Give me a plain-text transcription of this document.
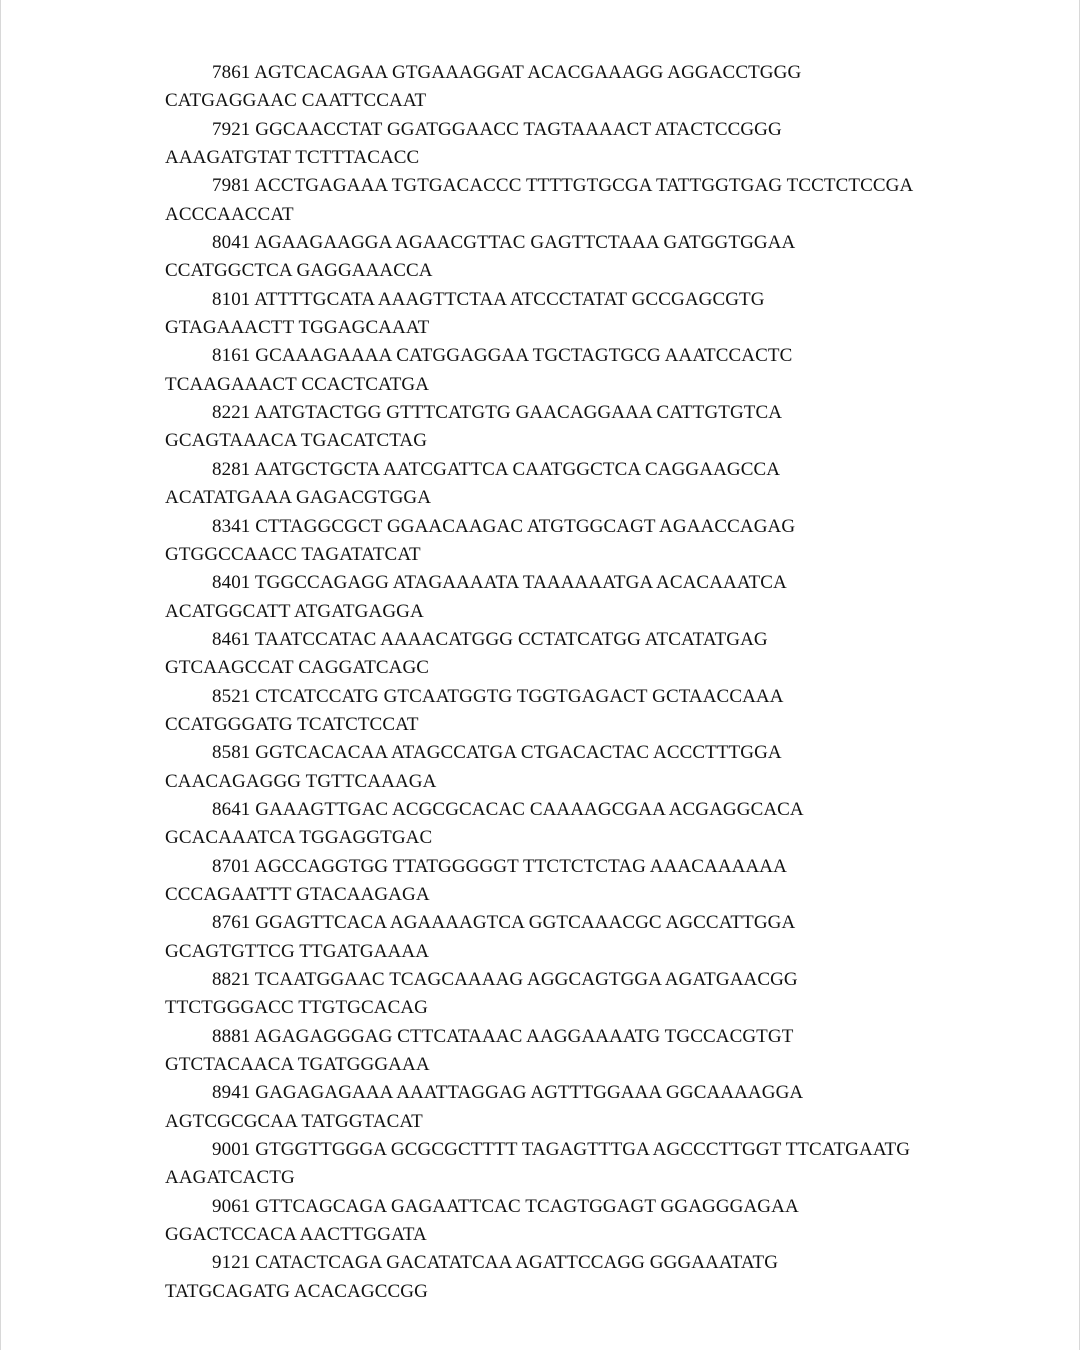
7861 AGTCACAGAA GTGAAAGGAT ACACGAAAGG AGGACCTGGG
CATGAGGAAC CAATTCCAAT
7921 GGCAACCTAT GGATGGAACC TAGTAAAACT ATACTCCGGG
AAAGATGTAT TCTTTACACC
7981 ACCTGAGAAA TGTGACACCC TTTTGTGCGA TATTGGTGAG TCCTCTCCGA
ACCCAACCAT
8041 AGAAGAAGGA AGAACGTTAC GAGTTCTAAA GATGGTGGAA
CCATGGCTCA GAGGAAACCA
8101 ATTTTGCATA AAAGTTCTAA ATCCCTATAT GCCGAGCGTG
GTAGAAACTT TGGAGCAAAT
8161 GCAAAGAAAA CATGGAGGAA TGCTAGTGCG AAATCCACTC
TCAAGAAACT CCACTCATGA
8221 AATGTACTGG GTTTCATGTG GAACAGGAAA CATTGTGTCA
GCAGTAAACA TGACATCTAG
8281 AATGCTGCTA AATCGATTCA CAATGGCTCA CAGGAAGCCA
ACATATGAAA GAGACGTGGA
8341 CTTAGGCGCT GGAACAAGAC ATGTGGCAGT AGAACCAGAG
GTGGCCAACC TAGATATCAT
8401 TGGCCAGAGG ATAGAAAATA TAAAAAATGA ACACAAATCA
ACATGGCATT ATGATGAGGA
8461 TAATCCATAC AAAACATGGG CCTATCATGG ATCATATGAG
GTCAAGCCAT CAGGATCAGC
8521 CTCATCCATG GTCAATGGTG TGGTGAGACT GCTAACCAAA
CCATGGGATG TCATCTCCAT
8581 GGTCACACAA ATAGCCATGA CTGACACTAC ACCCTTTGGA
CAACAGAGGG TGTTCAAAGA
8641 GAAAGTTGAC ACGCGCACAC CAAAAGCGAA ACGAGGCACA
GCACAAATCA TGGAGGTGAC
8701 AGCCAGGTGG TTATGGGGGT TTCTCTCTAG AAACAAAAAA
CCCAGAATTT GTACAAGAGA
8761 GGAGTTCACA AGAAAAGTCA GGTCAAACGC AGCCATTGGA
GCAGTGTTCG TTGATGAAAA
8821 TCAATGGAAC TCAGCAAAAG AGGCAGTGGA AGATGAACGG
TTCTGGGACC TTGTGCACAG
8881 AGAGAGGGAG CTTCATAAAC AAGGAAAATG TGCCACGTGT
GTCTACAACA TGATGGGAAA
8941 GAGAGAGAAA AAATTAGGAG AGTTTGGAAA GGCAAAAGGA
AGTCGCGCAA TATGGTACAT
9001 GTGGTTGGGA GCGCGCTTTT TAGAGTTTGA AGCCCTTGGT TTCATGAATG
AAGATCACTG
9061 GTTCAGCAGA GAGAATTCAC TCAGTGGAGT GGAGGGAGAA
GGACTCCACA AACTTGGATA
9121 CATACTCAGA GACATATCAA AGATTCCAGG GGGAAATATG
TATGCAGATG ACACAGCCGG
